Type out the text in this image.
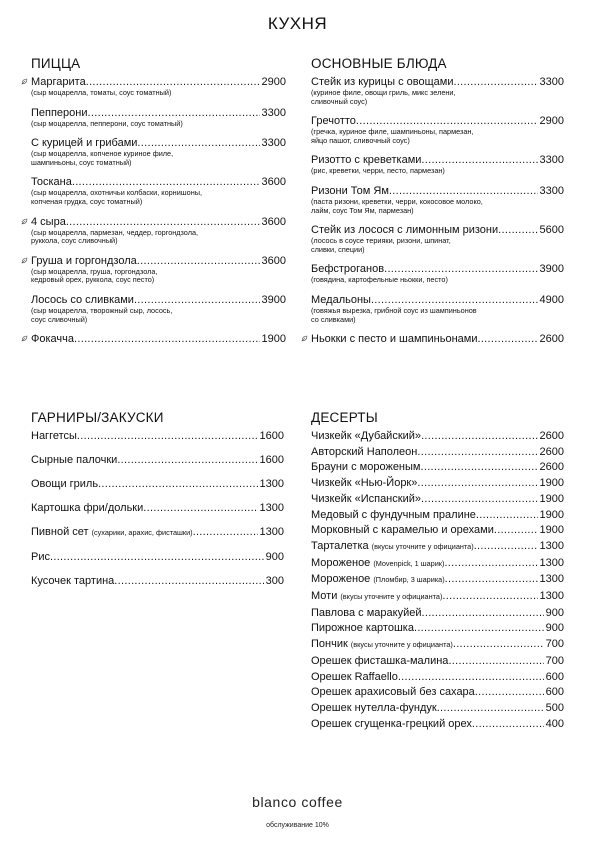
КУХНЯ
ПИЦЦА
Маргарита .....	2900
(сыр моцарелла, томаты, соус томатный)
Пепперони .....	3300
(сыр моцарелла, пепперони, соус томатный)
С курицей и грибами .....	3300
(сыр моцарелла, копченое куриное филе,
шампиньоны, соус томатный)
Тоскана .....	3600
(сыр моцарелла, охотничьи колбаски, корнишоны,
копченая грудка, соус томатный)
4 сыра .....	3600
(сыр моцарелла, пармезан, чеддер, горгондзола,
руккола, соус сливочный)
Груша и горгондзола .....	3600
(сыр моцарелла, груша, горгондзола,
кедровый орех, руккола, соус песто)
Лосось со сливками .....	3900
(сыр моцарелла, творожный сыр, лосось,
соус сливочный)
Фокачча .....	1900
ОСНОВНЫЕ БЛЮДА
Стейк из курицы с овощами .....	3300
(куриное филе, овощи гриль, микс зелени,
сливочный соус)
Гречотто .....	2900
(гречка, куриное филе, шампиньоны, пармезан,
яйцо пашот, сливочный соус)
Ризотто с креветками .....	3300
(рис, креветки, черри, песто, пармезан)
Ризони Том Ям .....	3300
(паста ризони, креветки, черри, кокосовое молоко,
лайм, соус Том Ям, пармезан)
Стейк из лосося с лимонным ризони .....	5600
(лосось в соусе терияки, ризони, шпинат,
сливки, специи)
Бефстроганов .....	3900
(говядина, картофельные ньокки, песто)
Медальоны .....	4900
(говяжья вырезка, грибной соус из шампиньонов
со сливками)
Ньокки с песто и шампиньонами .....	2600
ГАРНИРЫ/ЗАКУСКИ
Наггетсы .....	1600
Сырные палочки .....	1600
Овощи гриль .....	1300
Картошка фри/дольки .....	1300
Пивной сет (сухарики, арахис, фисташки) .....	1300
Рис .....	900
Кусочек тартина .....	300
ДЕСЕРТЫ
Чизкейк «Дубайский» .....	2600
Авторский Наполеон .....	2600
Брауни с мороженым .....	2600
Чизкейк «Нью-Йорк» .....	1900
Чизкейк «Испанский» .....	1900
Медовый с фундучным пралине .....	1900
Морковный с карамелью и орехами .....	1900
Тарталетка (вкусы уточните у официанта) .....	1300
Мороженое (Movenpick, 1 шарик) .....	1300
Мороженое (Пломбир, 3 шарика) .....	1300
Моти (вкусы уточните у официанта) .....	1300
Павлова с маракуйей .....	900
Пирожное картошка .....	900
Пончик (вкусы уточните у официанта) .....	700
Орешек фисташка-малина .....	700
Орешек Raffaello .....	600
Орешек арахисовый без сахара .....	600
Орешек нутелла-фундук .....	500
Орешек сгущенка-грецкий орех .....	400
blanco coffee
обслуживание 10%
